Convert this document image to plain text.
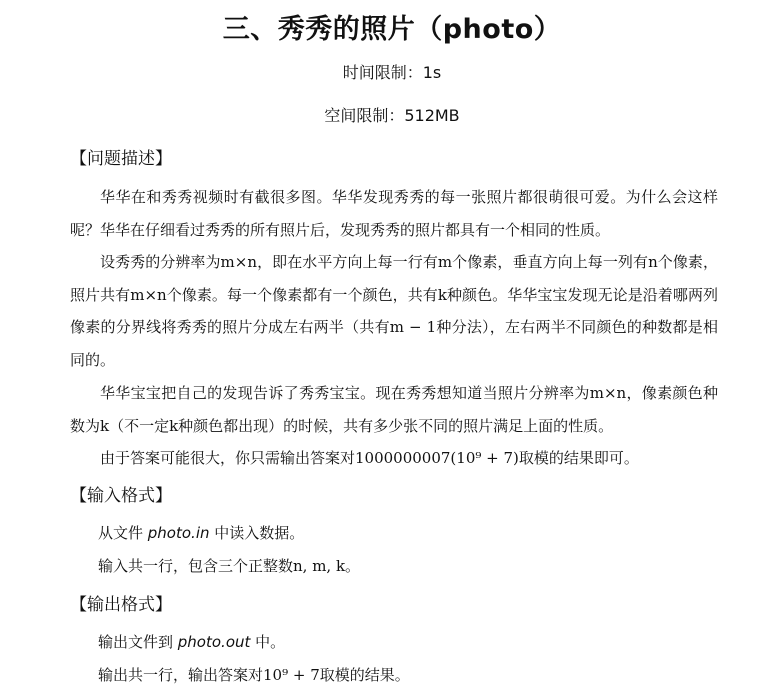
三、秀秀的照片（photo）
时间限制：1s
空间限制：512MB
【问题描述】
华华在和秀秀视频时有截很多图。华华发现秀秀的每一张照片都很萌很可爱。为什么会这样呢？华华在仔细看过秀秀的所有照片后，发现秀秀的照片都具有一个相同的性质。
设秀秀的分辨率为m×n，即在水平方向上每一行有m个像素，垂直方向上每一列有n个像素，照片共有m×n个像素。每一个像素都有一个颜色，共有k种颜色。华华宝宝发现无论是沿着哪两列像素的分界线将秀秀的照片分成左右两半（共有m − 1种分法），左右两半不同颜色的种数都是相同的。
华华宝宝把自己的发现告诉了秀秀宝宝。现在秀秀想知道当照片分辨率为m×n，像素颜色种数为k（不一定k种颜色都出现）的时候，共有多少张不同的照片满足上面的性质。
由于答案可能很大，你只需输出答案对1000000007(10⁹ + 7)取模的结果即可。
【输入格式】
从文件 photo.in 中读入数据。
输入共一行，包含三个正整数n, m, k。
【输出格式】
输出文件到 photo.out 中。
输出共一行，输出答案对10⁹ + 7取模的结果。
